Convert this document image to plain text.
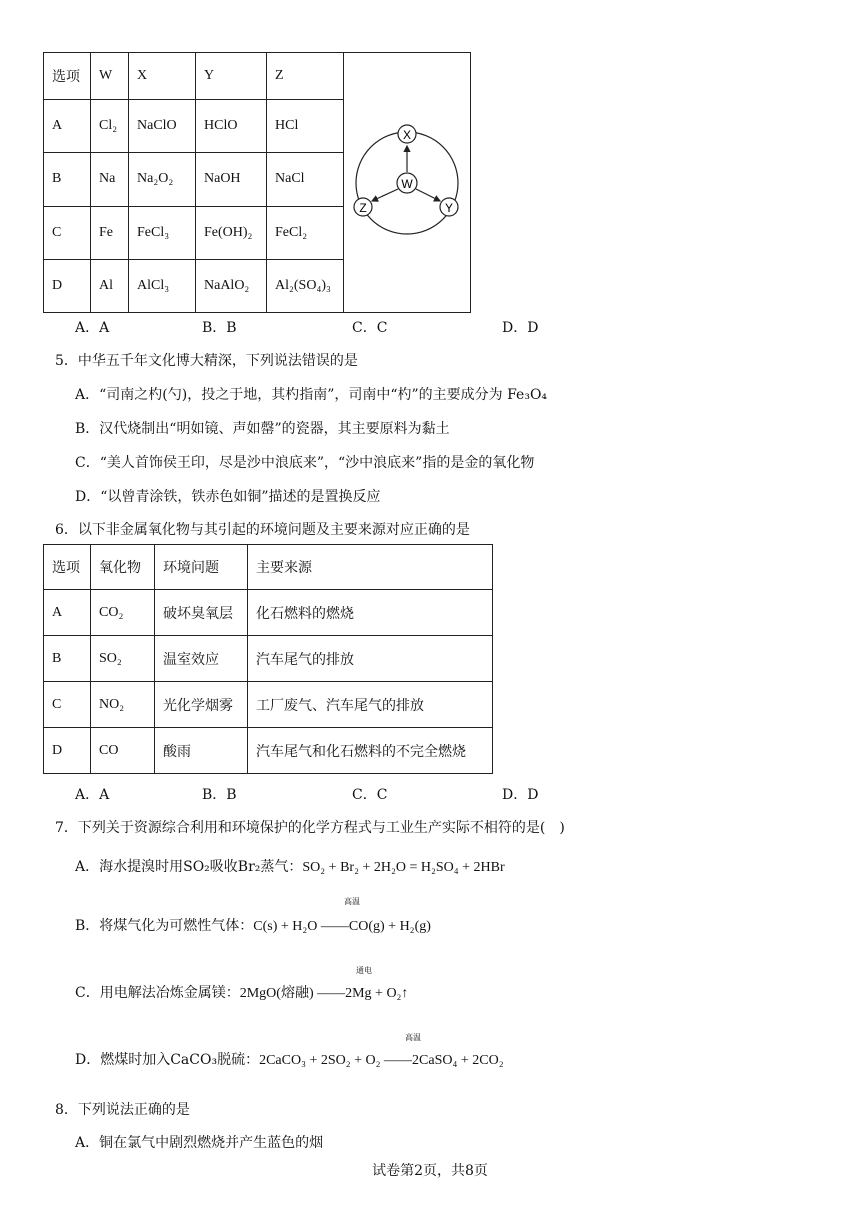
选项	W	X	Y	Z	X
W
Z Y

A	Cl₂	NaClO	HClO	HCl	
B	Na	Na₂O₂	NaOH	NaCl	
C	Fe	FeCl₃	Fe(OH)₂	FeCl₂	
D	Al	AlCl₃	NaAlO₂	Al₂(SO₄)₃	
A．A	B．B	C．C	D．D
5．中华五千年文化博大精深，下列说法错误的是
A．“司南之杓(勺)，投之于地，其杓指南”，司南中“杓”的主要成分为 Fe₃O₄
B．汉代烧制出“明如镜、声如罄”的瓷器，其主要原料为黏土
C．“美人首饰侯王印，尽是沙中浪底来”，“沙中浪底来”指的是金的氧化物
D．“以曾青涂铁，铁赤色如铜”描述的是置换反应
6．以下非金属氧化物与其引起的环境问题及主要来源对应正确的是
选项	氧化物	环境问题	主要来源
A	CO₂	破坏臭氧层	化石燃料的燃烧
B	SO₂	温室效应	汽车尾气的排放
C	NO₂	光化学烟雾	工厂废气、汽车尾气的排放
D	CO	酸雨	汽车尾气和化石燃料的不完全燃烧
A．A	B．B	C．C	D．D
7．下列关于资源综合利用和环境保护的化学方程式与工业生产实际不相符的是(　)
A．海水提溴时用SO₂吸收Br₂蒸气：SO₂ + Br₂ + 2H₂O = H₂SO₄ + 2HBr
高温
B．将煤气化为可燃性气体：C(s) + H₂O ——CO(g) + H₂(g)
通电
C．用电解法冶炼金属镁：2MgO(熔融) ——2Mg + O₂↑
高温
D．燃煤时加入CaCO₃脱硫：2CaCO₃ + 2SO₂ + O₂ ——2CaSO₄ + 2CO₂
8．下列说法正确的是
A．铜在氯气中剧烈燃烧并产生蓝色的烟
试卷第2页，共8页
